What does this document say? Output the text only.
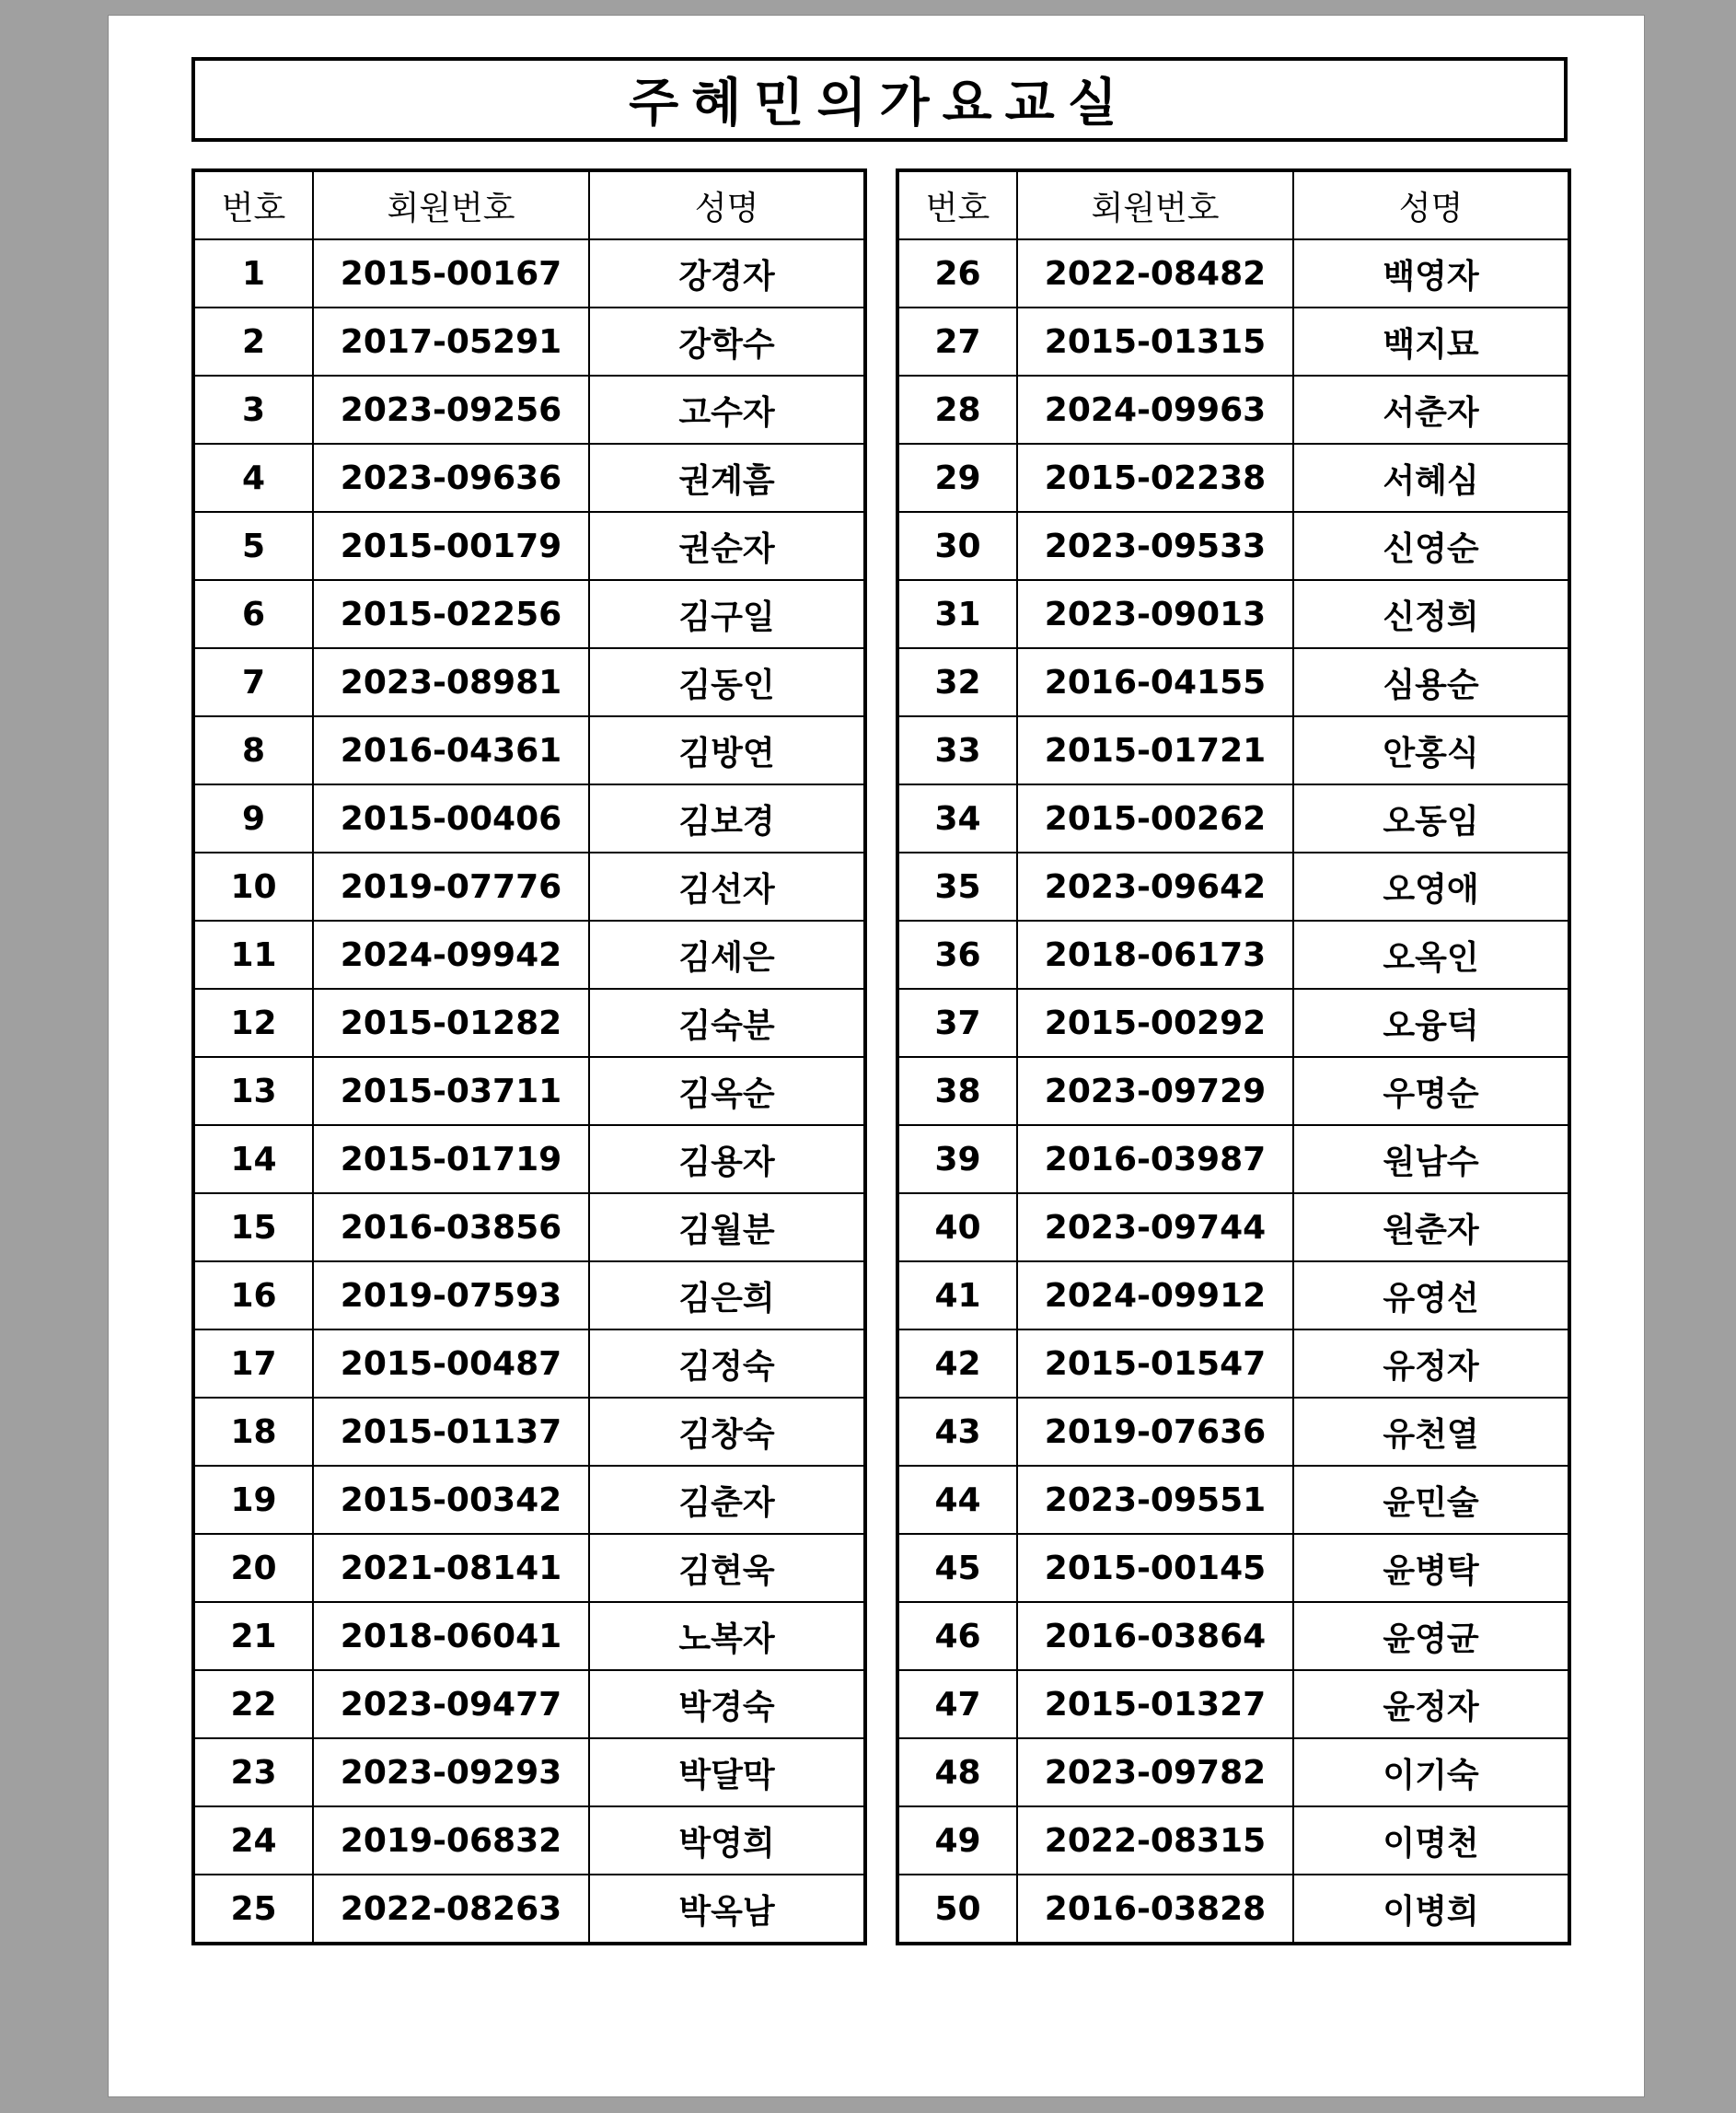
주혜민의가요교실
번호	회원번호	성명
1	2015-00167	강경자
2	2017-05291	강학수
3	2023-09256	고수자
4	2023-09636	권계흠
5	2015-00179	권순자
6	2015-02256	김구일
7	2023-08981	김동인
8	2016-04361	김방연
9	2015-00406	김보경
10	2019-07776	김선자
11	2024-09942	김세은
12	2015-01282	김숙분
13	2015-03711	김옥순
14	2015-01719	김용자
15	2016-03856	김월분
16	2019-07593	김은희
17	2015-00487	김정숙
18	2015-01137	김창숙
19	2015-00342	김춘자
20	2021-08141	김현욱
21	2018-06041	노복자
22	2023-09477	박경숙
23	2023-09293	박달막
24	2019-06832	박영희
25	2022-08263	박옥남
번호	회원번호	성명
26	2022-08482	백영자
27	2015-01315	백지묘
28	2024-09963	서춘자
29	2015-02238	서혜심
30	2023-09533	신영순
31	2023-09013	신정희
32	2016-04155	심용순
33	2015-01721	안홍식
34	2015-00262	오동임
35	2023-09642	오영애
36	2018-06173	오옥인
37	2015-00292	오융덕
38	2023-09729	우명순
39	2016-03987	원남수
40	2023-09744	원춘자
41	2024-09912	유영선
42	2015-01547	유정자
43	2019-07636	유천열
44	2023-09551	윤민술
45	2015-00145	윤병탁
46	2016-03864	윤영균
47	2015-01327	윤정자
48	2023-09782	이기숙
49	2022-08315	이명천
50	2016-03828	이병희
